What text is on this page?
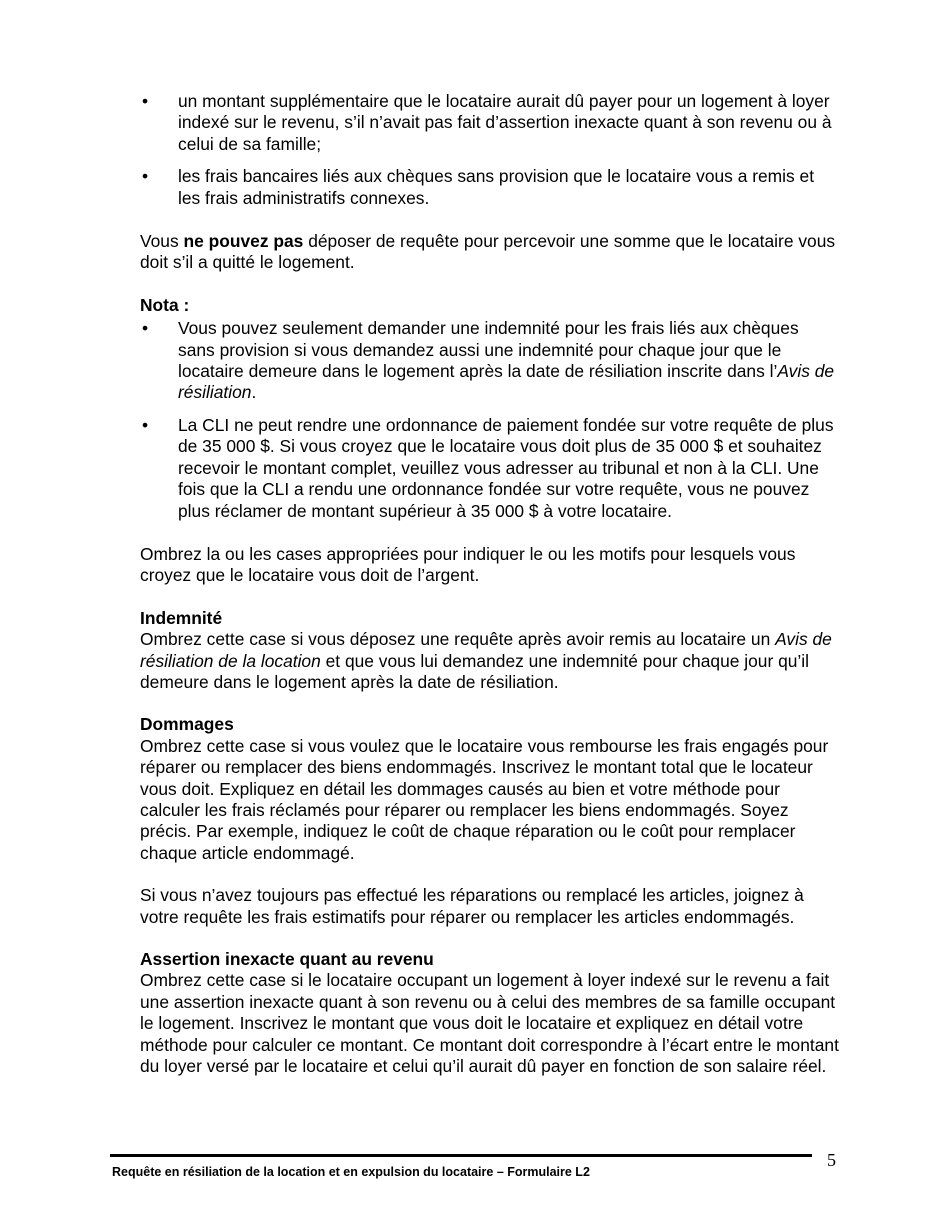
• un montant supplémentaire que le locataire aurait dû payer pour un logement à loyer indexé sur le revenu, s’il n’avait pas fait d’assertion inexacte quant à son revenu ou à celui de sa famille;
• les frais bancaires liés aux chèques sans provision que le locataire vous a remis et les frais administratifs connexes.

Vous ne pouvez pas déposer de requête pour percevoir une somme que le locataire vous doit s’il a quitté le logement.

Nota :

• Vous pouvez seulement demander une indemnité pour les frais liés aux chèques sans provision si vous demandez aussi une indemnité pour chaque jour que le locataire demeure dans le logement après la date de résiliation inscrite dans l’Avis de résiliation.
• La CLI ne peut rendre une ordonnance de paiement fondée sur votre requête de plus de 35 000 $. Si vous croyez que le locataire vous doit plus de 35 000 $ et souhaitez recevoir le montant complet, veuillez vous adresser au tribunal et non à la CLI. Une fois que la CLI a rendu une ordonnance fondée sur votre requête, vous ne pouvez plus réclamer de montant supérieur à 35 000 $ à votre locataire.

Ombrez la ou les cases appropriées pour indiquer le ou les motifs pour lesquels vous croyez que le locataire vous doit de l’argent.

Indemnité

Ombrez cette case si vous déposez une requête après avoir remis au locataire un Avis de résiliation de la location et que vous lui demandez une indemnité pour chaque jour qu’il demeure dans le logement après la date de résiliation.

Dommages

Ombrez cette case si vous voulez que le locataire vous rembourse les frais engagés pour réparer ou remplacer des biens endommagés. Inscrivez le montant total que le locateur vous doit. Expliquez en détail les dommages causés au bien et votre méthode pour calculer les frais réclamés pour réparer ou remplacer les biens endommagés. Soyez précis. Par exemple, indiquez le coût de chaque réparation ou le coût pour remplacer chaque article endommagé.

Si vous n’avez toujours pas effectué les réparations ou remplacé les articles, joignez à votre requête les frais estimatifs pour réparer ou remplacer les articles endommagés.

Assertion inexacte quant au revenu

Ombrez cette case si le locataire occupant un logement à loyer indexé sur le revenu a fait une assertion inexacte quant à son revenu ou à celui des membres de sa famille occupant le logement. Inscrivez le montant que vous doit le locataire et expliquez en détail votre méthode pour calculer ce montant. Ce montant doit correspondre à l’écart entre le montant du loyer versé par le locataire et celui qu’il aurait dû payer en fonction de son salaire réel.

Requête en résiliation de la location et en expulsion du locataire – Formulaire L2
5
